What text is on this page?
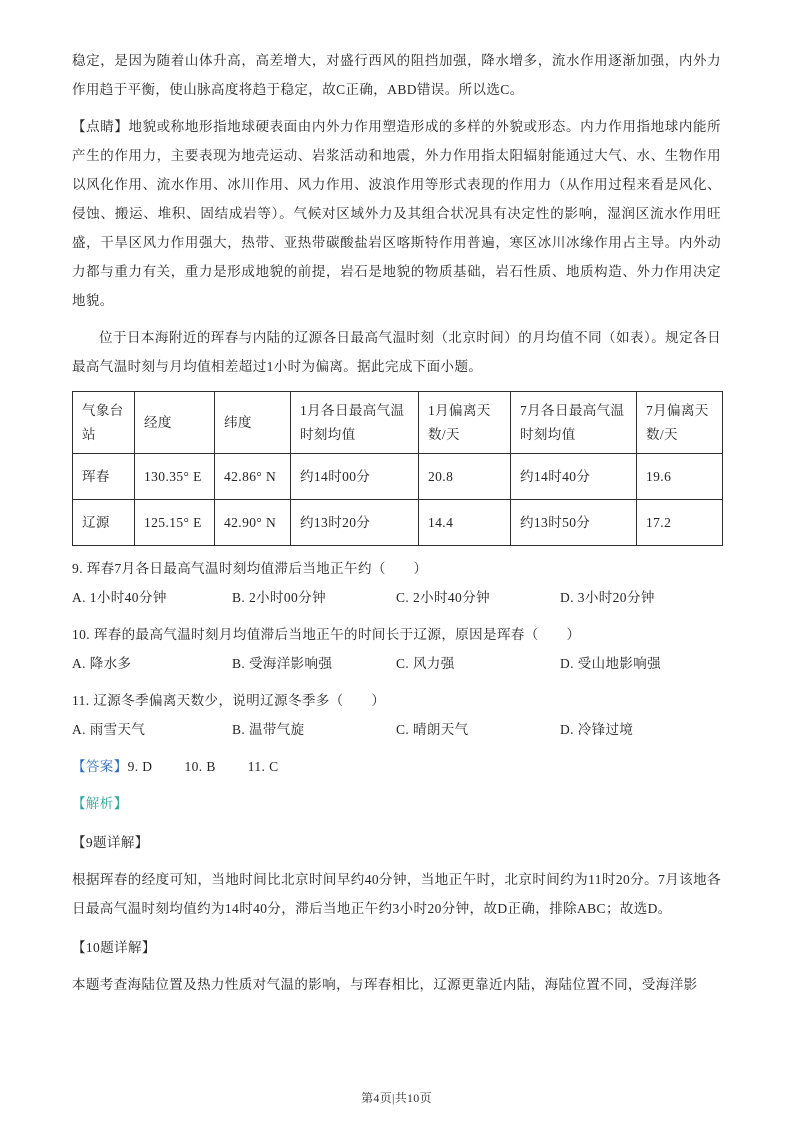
稳定，是因为随着山体升高，高差增大，对盛行西风的阻挡加强，降水增多，流水作用逐渐加强，内外力作用趋于平衡，使山脉高度将趋于稳定，故C正确，ABD错误。所以选C。

【点睛】地貌或称地形指地球硬表面由内外力作用塑造形成的多样的外貌或形态。内力作用指地球内能所产生的作用力，主要表现为地壳运动、岩浆活动和地震，外力作用指太阳辐射能通过大气、水、生物作用以风化作用、流水作用、冰川作用、风力作用、波浪作用等形式表现的作用力（从作用过程来看是风化、侵蚀、搬运、堆积、固结成岩等）。气候对区域外力及其组合状况具有决定性的影响，湿润区流水作用旺盛，干旱区风力作用强大，热带、亚热带碳酸盐岩区喀斯特作用普遍，寒区冰川冰缘作用占主导。内外动力都与重力有关，重力是形成地貌的前提，岩石是地貌的物质基础，岩石性质、地质构造、外力作用决定地貌。

位于日本海附近的珲春与内陆的辽源各日最高气温时刻（北京时间）的月均值不同（如表）。规定各日最高气温时刻与月均值相差超过1小时为偏离。据此完成下面小题。

气象台站	经度	纬度	1月各日最高气温时刻均值	1月偏离天数/天	7月各日最高气温时刻均值	7月偏离天数/天
珲春	130.35° E	42.86° N	约14时00分	20.8	约14时40分	19.6
辽源	125.15° E	42.90° N	约13时20分	14.4	约13时50分	17.2

9. 珲春7月各日最高气温时刻均值滞后当地正午约（　　）

A. 1小时40分钟	B. 2小时00分钟	C. 2小时40分钟	D. 3小时20分钟

10. 珲春的最高气温时刻月均值滞后当地正午的时间长于辽源，原因是珲春（　　）

A. 降水多	B. 受海洋影响强	C. 风力强	D. 受山地影响强

11. 辽源冬季偏离天数少，说明辽源冬季多（　　）

A. 雨雪天气	B. 温带气旋	C. 晴朗天气	D. 冷锋过境

【答案】9. D 10. B 11. C

【解析】

【9题详解】

根据珲春的经度可知，当地时间比北京时间早约40分钟，当地正午时，北京时间约为11时20分。7月该地各日最高气温时刻均值约为14时40分，滞后当地正午约3小时20分钟，故D正确，排除ABC；故选D。

【10题详解】

本题考查海陆位置及热力性质对气温的影响，与珲春相比，辽源更靠近内陆，海陆位置不同，受海洋影

第4页|共10页
